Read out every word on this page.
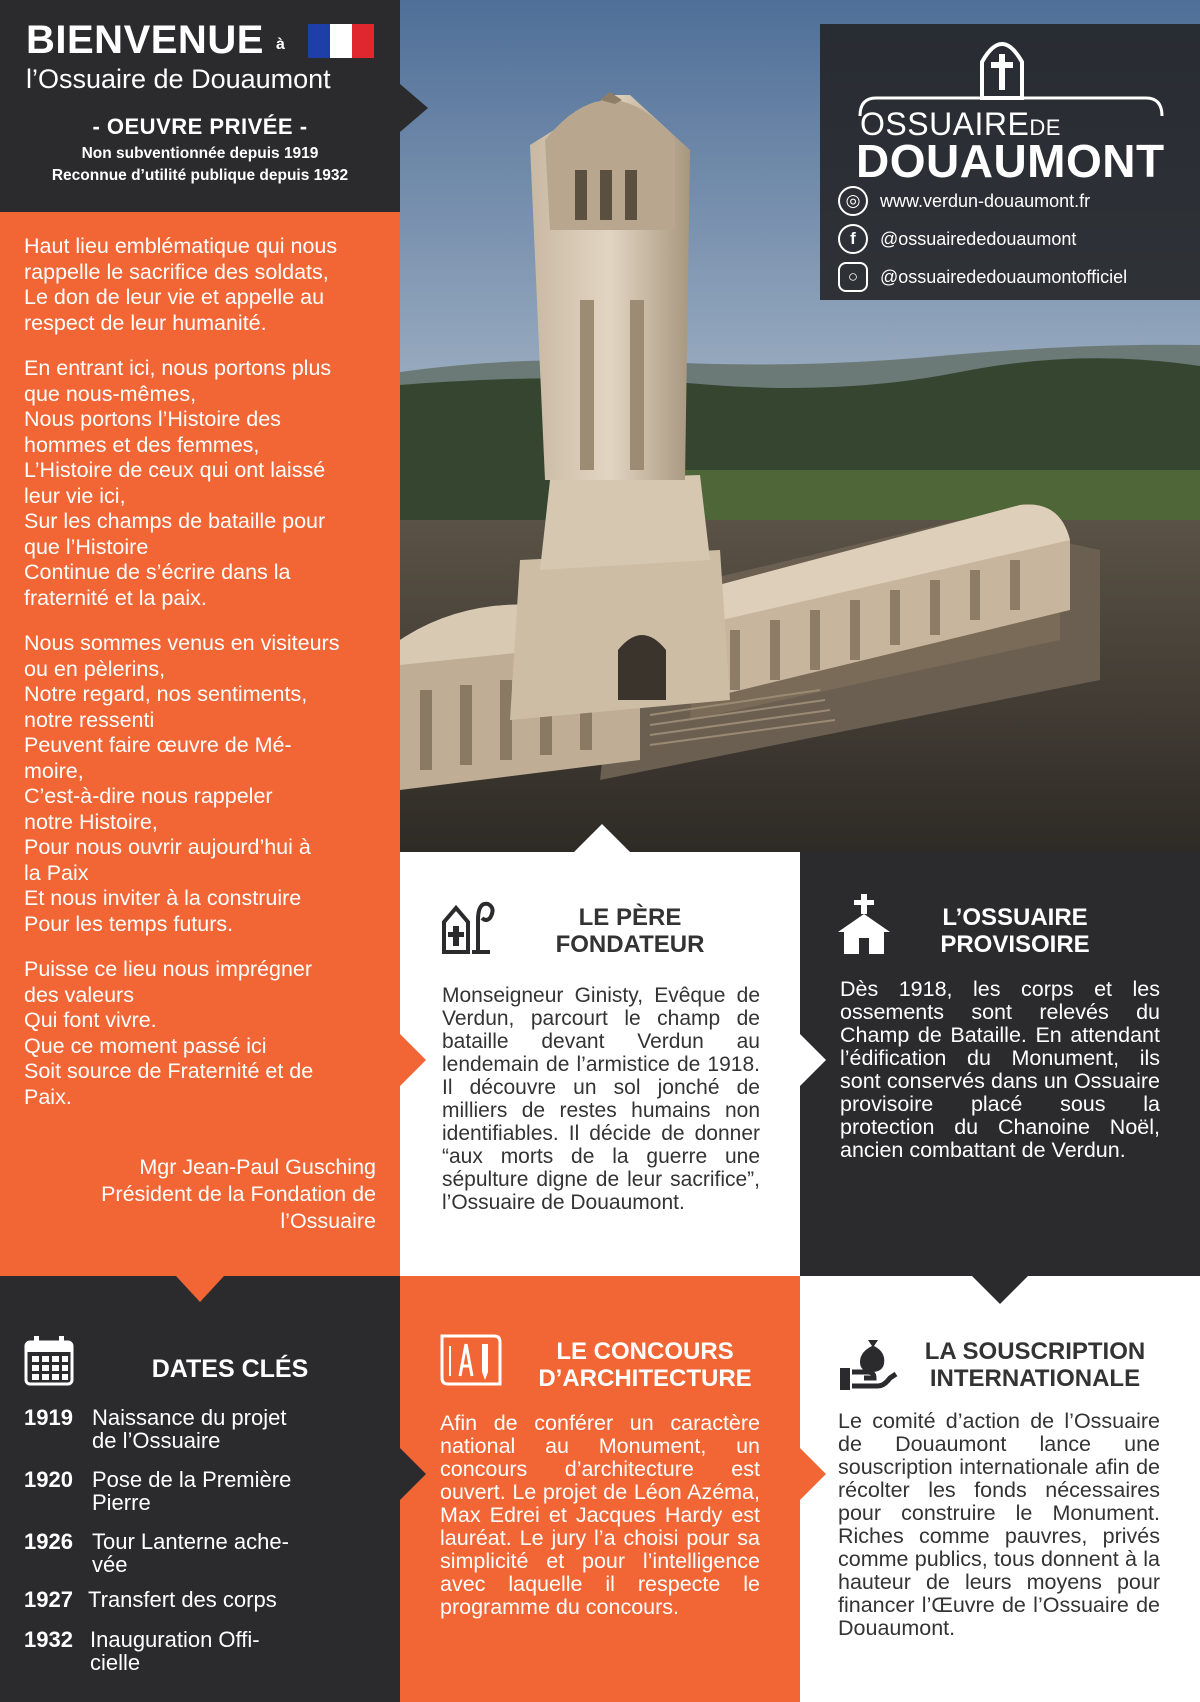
BIENVENUE à
l’Ossuaire de Douaumont
- OEUVRE PRIVÉE -
Non subventionnée depuis 1919
Reconnue d’utilité publique depuis 1932

Haut lieu emblématique qui nous
rappelle le sacrifice des soldats,
Le don de leur vie et appelle au
respect de leur humanité.

En entrant ici, nous portons plus
que nous-mêmes,
Nous portons l’Histoire des
hommes et des femmes,
L’Histoire de ceux qui ont laissé
leur vie ici,
Sur les champs de bataille pour
que l’Histoire
Continue de s’écrire dans la
fraternité et la paix.

Nous sommes venus en visiteurs
ou en pèlerins,
Notre regard, nos sentiments,
notre ressenti
Peuvent faire œuvre de Mé-
moire,
C’est-à-dire nous rappeler
notre Histoire,
Pour nous ouvrir aujourd’hui à
la Paix
Et nous inviter à la construire
Pour les temps futurs.

Puisse ce lieu nous imprégner
des valeurs
Qui font vivre.
Que ce moment passé ici
Soit source de Fraternité et de
Paix.

Mgr Jean-Paul Gusching
Président de la Fondation de
l’Ossuaire
OSSUAIREDE
DOUAUMONT
◎	www.verdun-douaumont.fr
f	@ossuairededouaumont
○	@ossuairededouaumontofficiel
LE PÈRE
FONDATEUR
Monseigneur Ginisty, Evêque de Verdun, parcourt le champ de bataille devant Verdun au lendemain de l’armistice de 1918. Il découvre un sol jonché de milliers de restes humains non identifiables. Il décide de donner “aux morts de la guerre une sépulture digne de leur sacrifice”, l’Ossuaire de Douaumont.
L’OSSUAIRE
PROVISOIRE
Dès 1918, les corps et les ossements sont relevés du Champ de Bataille. En attendant l’édification du Monument, ils sont conservés dans un Ossuaire provisoire placé sous la protection du Chanoine Noël, ancien combattant de Verdun.
DATES CLÉS
1919 Naissance du projet
de l’Ossuaire
1920 Pose de la Première
Pierre
1926 Tour Lanterne ache-
vée
1927 Transfert des corps
1932 Inauguration Offi-
cielle
LE CONCOURS
D’ARCHITECTURE
Afin de conférer un caractère national au Monument, un concours d’architecture est ouvert. Le projet de Léon Azéma, Max Edrei et Jacques Hardy est lauréat. Le jury l’a choisi pour sa simplicité et pour l’intelligence avec laquelle il respecte le programme du concours.
LA SOUSCRIPTION
INTERNATIONALE
Le comité d’action de l’Ossuaire de Douaumont lance une souscription internationale afin de récolter les fonds nécessaires pour construire le Monument. Riches comme pauvres, privés comme publics, tous donnent à la hauteur de leurs moyens pour financer l’Œuvre de l’Ossuaire de Douaumont.
